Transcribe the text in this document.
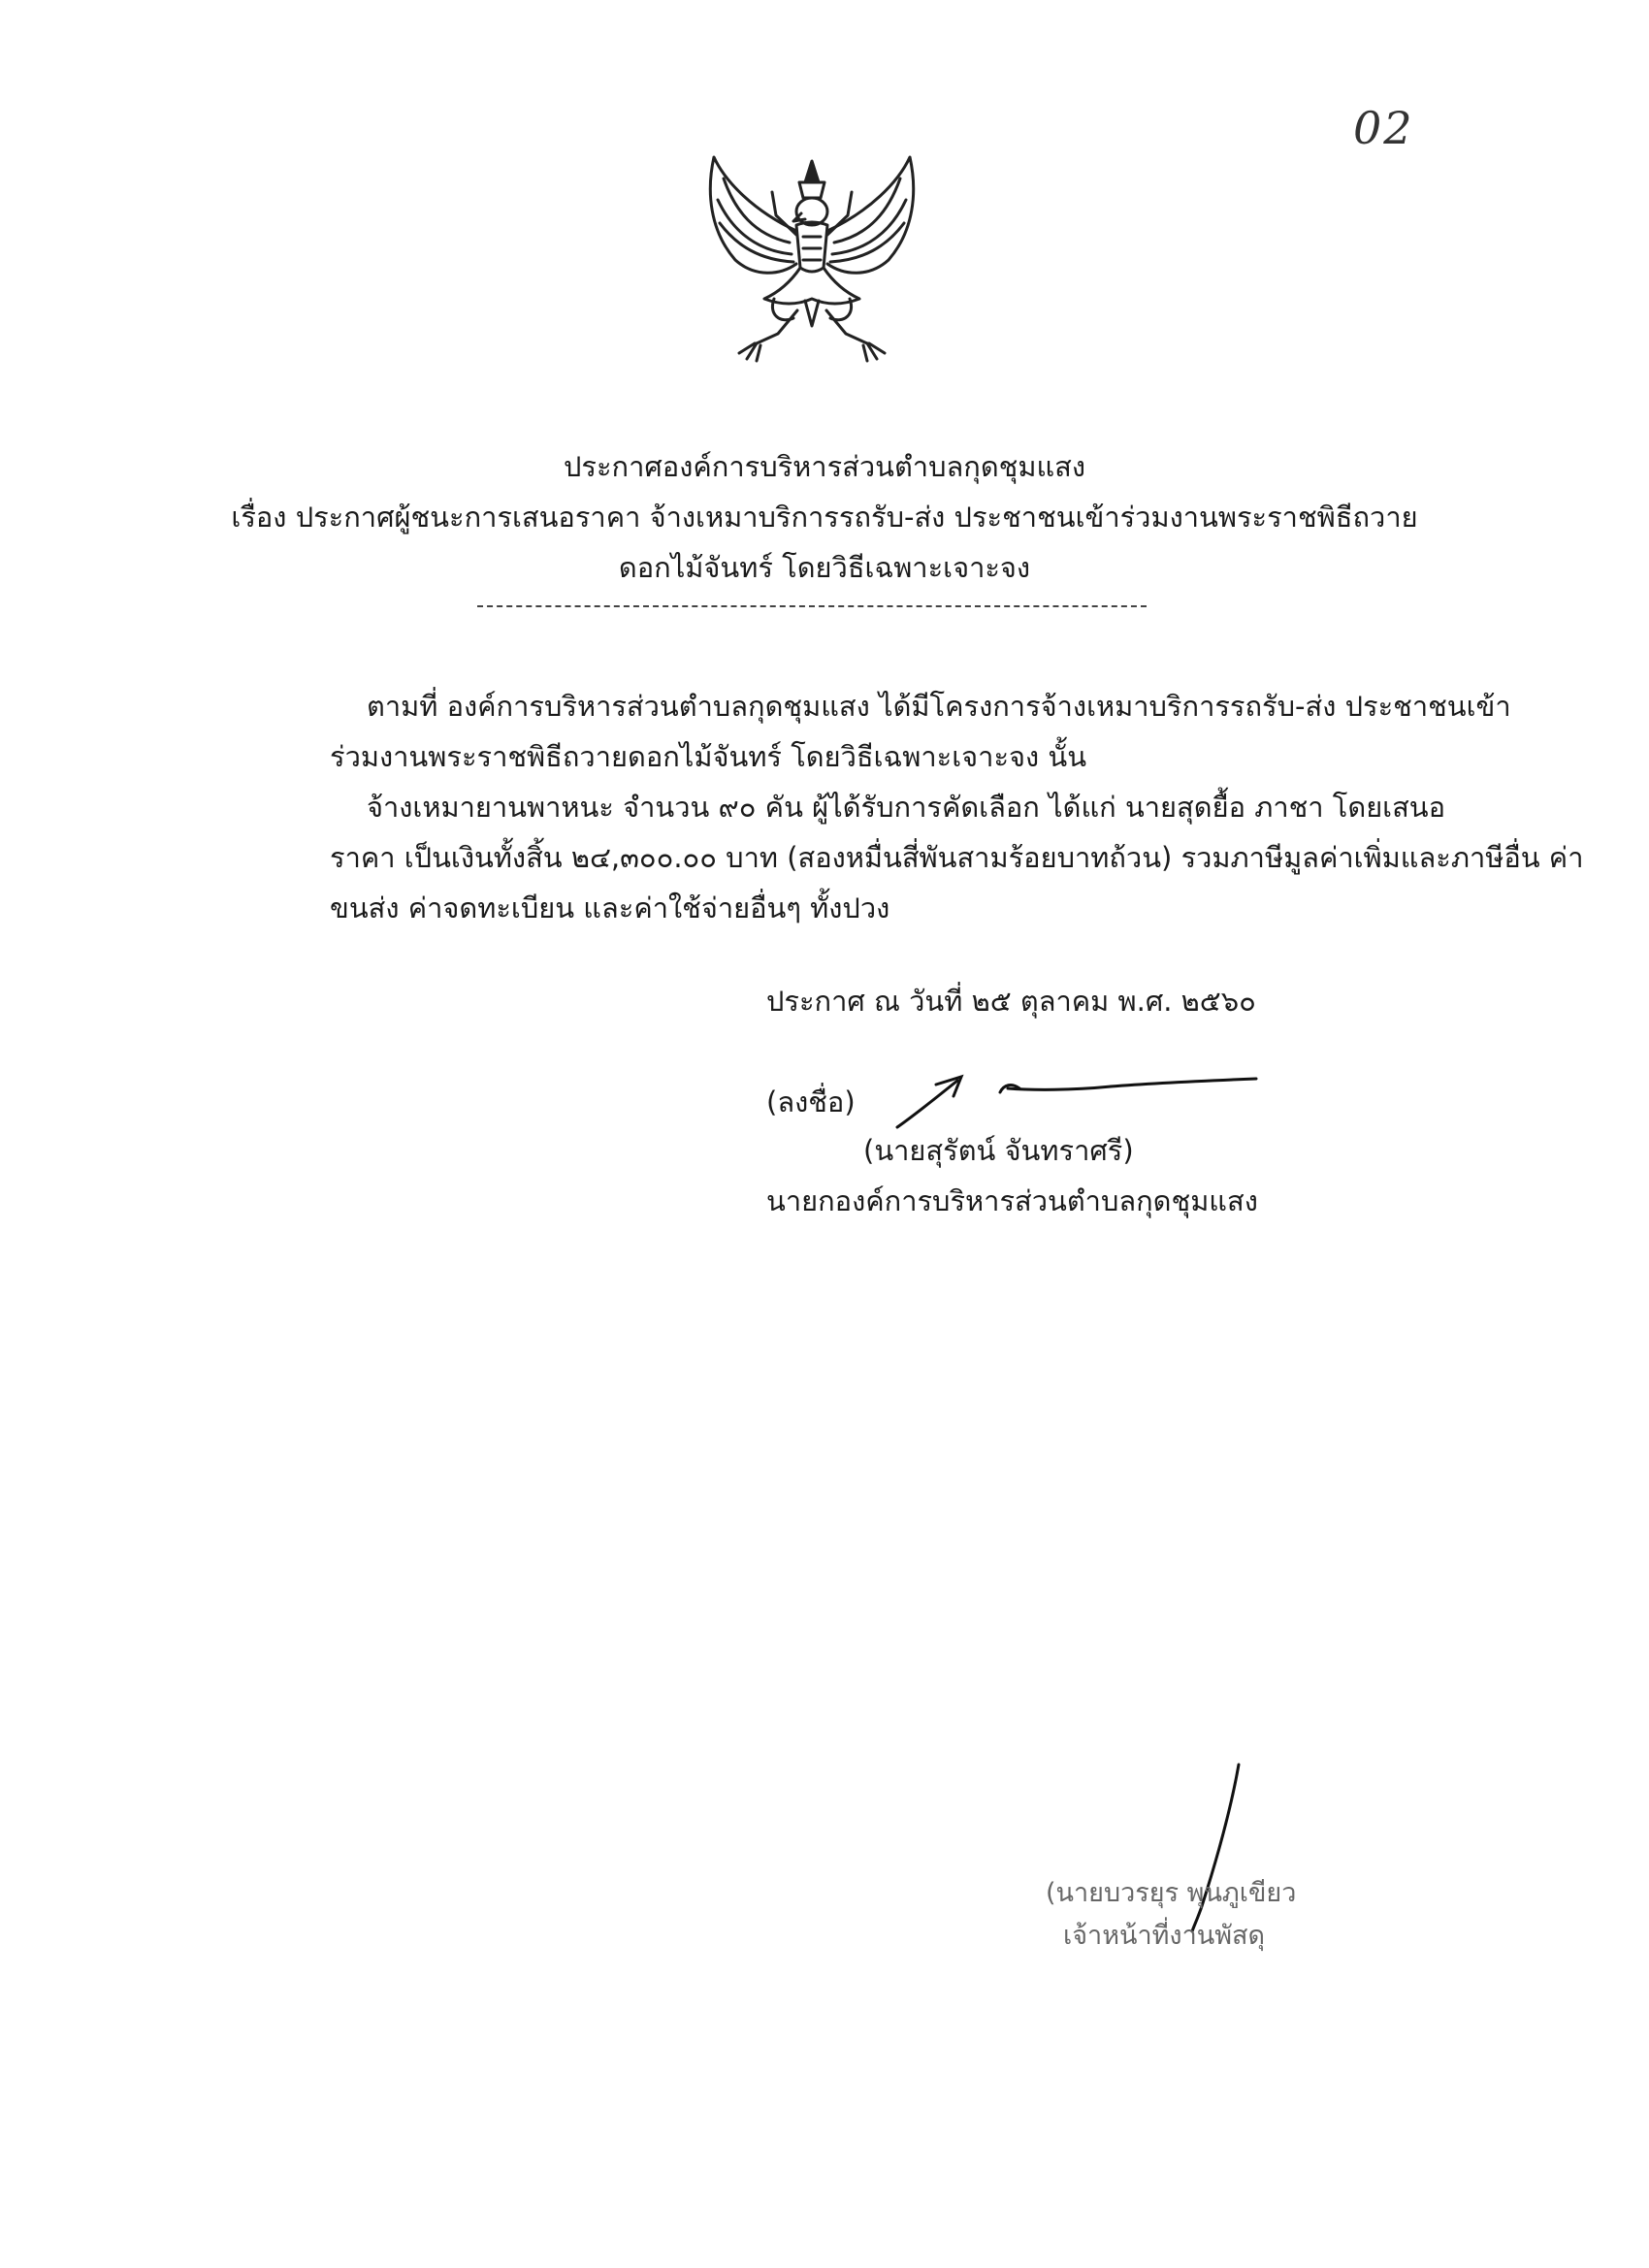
02
ประกาศองค์การบริหารส่วนตำบลกุดชุมแสง
เรื่อง ประกาศผู้ชนะการเสนอราคา จ้างเหมาบริการรถรับ-ส่ง ประชาชนเข้าร่วมงานพระราชพิธีถวาย
ดอกไม้จันทร์ โดยวิธีเฉพาะเจาะจง
ตามที่ องค์การบริหารส่วนตำบลกุดชุมแสง ได้มีโครงการจ้างเหมาบริการรถรับ-ส่ง ประชาชนเข้า
ร่วมงานพระราชพิธีถวายดอกไม้จันทร์ โดยวิธีเฉพาะเจาะจง นั้น
จ้างเหมายานพาหนะ จำนวน ๙๐ คัน ผู้ได้รับการคัดเลือก ได้แก่ นายสุดยื้อ ภาชา โดยเสนอ
ราคา เป็นเงินทั้งสิ้น ๒๔,๓๐๐.๐๐ บาท (สองหมื่นสี่พันสามร้อยบาทถ้วน) รวมภาษีมูลค่าเพิ่มและภาษีอื่น ค่า
ขนส่ง ค่าจดทะเบียน และค่าใช้จ่ายอื่นๆ ทั้งปวง
ประกาศ ณ วันที่ ๒๕ ตุลาคม พ.ศ. ๒๕๖๐
(ลงชื่อ)
(นายสุรัตน์ จันทราศรี)
นายกองค์การบริหารส่วนตำบลกุดชุมแสง
(นายบวรยุร พุนภูเขียว
เจ้าหน้าที่งานพัสดุ
